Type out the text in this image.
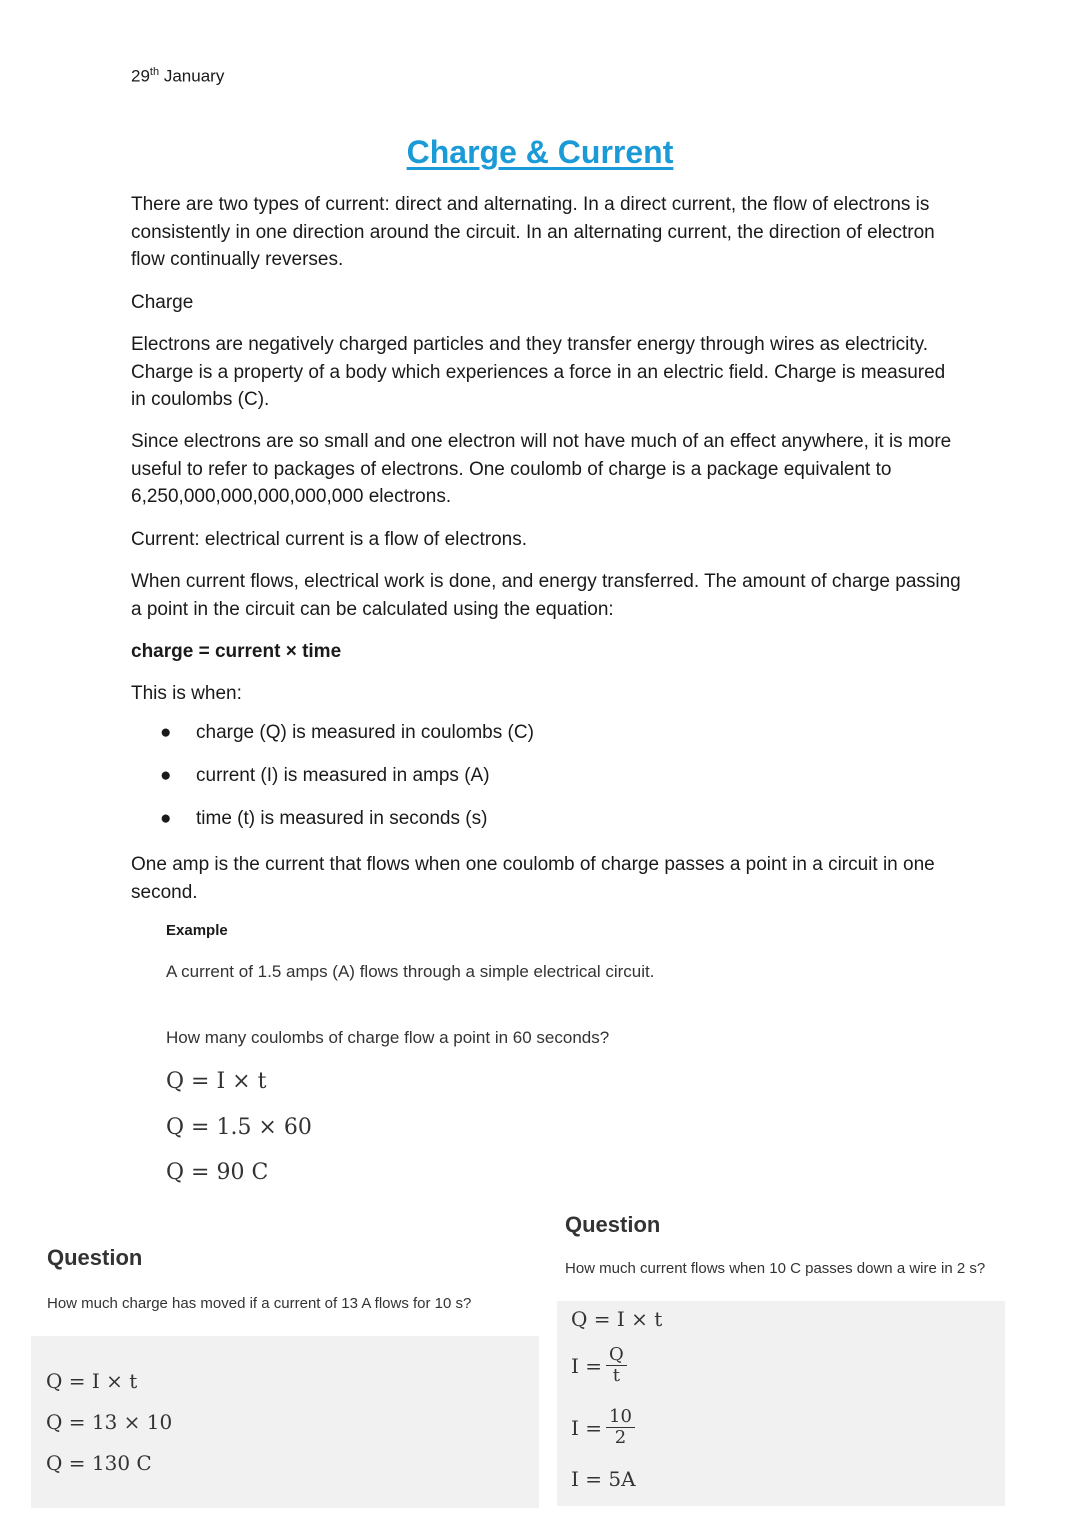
29th January
Charge & Current

There are two types of current: direct and alternating. In a direct current, the flow of electrons is consistently in one direction around the circuit. In an alternating current, the direction of electron flow continually reverses.

Charge

Electrons are negatively charged particles and they transfer energy through wires as electricity. Charge is a property of a body which experiences a force in an electric field. Charge is measured in coulombs (C).

Since electrons are so small and one electron will not have much of an effect anywhere, it is more useful to refer to packages of electrons. One coulomb of charge is a package equivalent to 6,250,000,000,000,000,000 electrons.

Current: electrical current is a flow of electrons.

When current flows, electrical work is done, and energy transferred. The amount of charge passing a point in the circuit can be calculated using the equation:

charge = current × time

This is when:

●	charge (Q) is measured in coulombs (C)
●	current (I) is measured in amps (A)
●	time (t) is measured in seconds (s)

One amp is the current that flows when one coulomb of charge passes a point in a circuit in one second.

Example

A current of 1.5 amps (A) flows through a simple electrical circuit.

How many coulombs of charge flow a point in 60 seconds?

Q = I × t
Q = 1.5 × 60
Q = 90 C

Question

How much charge has moved if a current of 13 A flows for 10 s?

Q = I × t
Q = 13 × 10
Q = 130 C

Question

How much current flows when 10 C passes down a wire in 2 s?

Q = I × t
$I = \frac{Q}{t}$
$I = \frac{10}{2}$
I = 5A
